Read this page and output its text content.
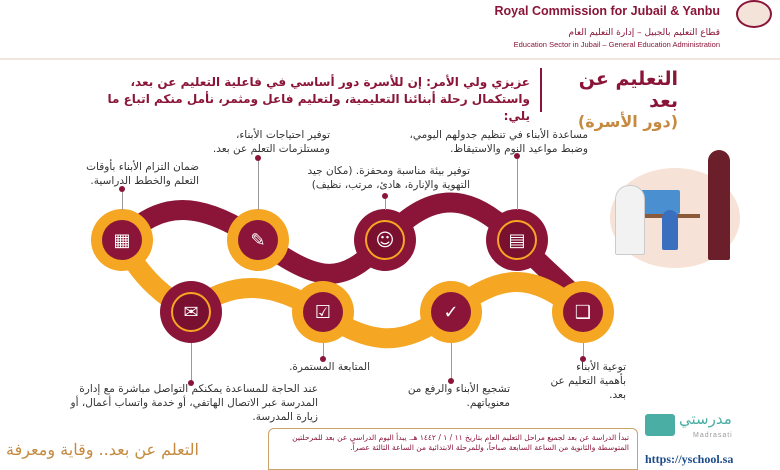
Royal Commission for Jubail & Yanbu
قطاع التعليم بالجبيل – إدارة التعليم العام
Education Sector in Jubail – General Education Administration
التعليم عن بعد
(دور الأسرة)
عزيزي ولي الأمر: إن للأسرة دور أساسي في فاعلية التعليم عن بعد، واستكمال رحلة أبنائنا التعليمية، ولتعليم فاعل ومثمر، نأمل منكم اتباع ما يلي:
▦	✎	☺	▤
✉	☑	✓	❑
ضمان التزام الأبناء بأوقات التعلم والخطط الدراسية.
توفير احتياجات الأبناء، ومستلزمات التعلم عن بعد.
توفير بيئة مناسبة ومحفزة. (مكان جيد التهوية والإنارة، هادئ، مرتب، نظيف)
مساعدة الأبناء في تنظيم جدولهم اليومي، وضبط مواعيد النوم والاستيقاظ.
عند الحاجة للمساعدة يمكنكم التواصل مباشرة مع إدارة المدرسة عبر الاتصال الهاتفي، أو خدمة واتساب أعمال، أو زيارة المدرسة.
المتابعة المستمرة.
تشجيع الأبناء والرفع من معنوياتهم.
توعية الأبناء بأهمية التعليم عن بعد.
تبدأ الدراسة عن بعد لجميع مراحل التعليم العام بتاريخ ١١ / ١ / ١٤٤٢ هـ. يبدأ اليوم الدراسي عن بعد للمرحلتين المتوسطة والثانوية من الساعة السابعة صباحاً، وللمرحلة الابتدائية من الساعة الثالثة عصراً.
مدرستي
Madrasati
https://yschool.sa
التعلم عن بعد.. وقاية ومعرفة
